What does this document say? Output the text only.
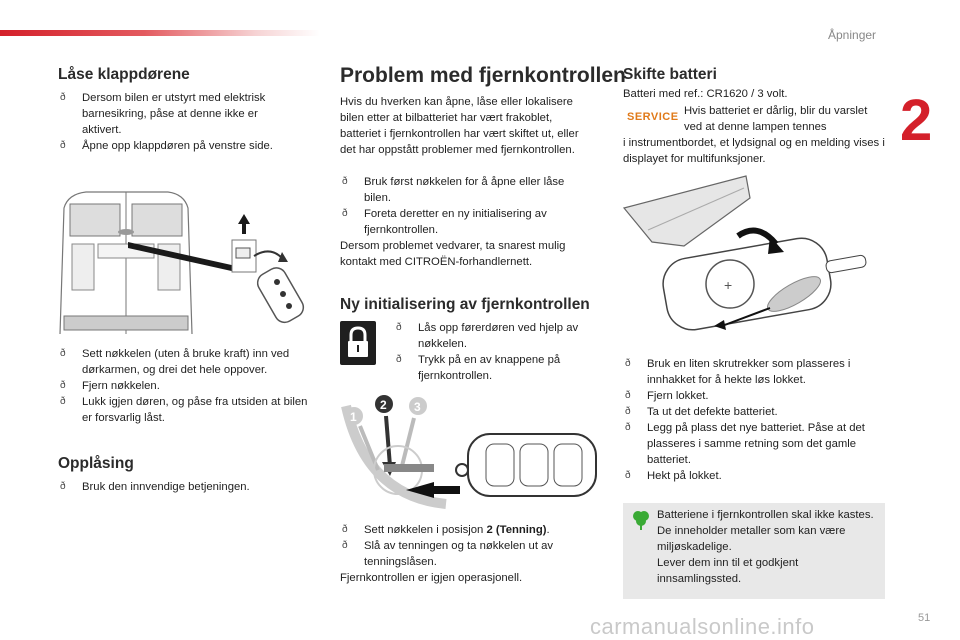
Åpninger
2
Låse klappdørene
ð Dersom bilen er utstyrt med elektrisk barnesikring, påse at denne ikke er aktivert.
ð Åpne opp klappdøren på venstre side.
ð Sett nøkkelen (uten å bruke kraft) inn ved dørkarmen, og drei det hele oppover.
ð Fjern nøkkelen.
ð Lukk igjen døren, og påse fra utsiden at bilen er forsvarlig låst.
Opplåsing
ð Bruk den innvendige betjeningen.
Problem med fjernkontrollen
Hvis du hverken kan åpne, låse eller lokalisere bilen etter at bilbatteriet har vært frakoblet, batteriet i fjernkontrollen har vært skiftet ut, eller det har oppstått problemer med fjernkontrollen.
ð Bruk først nøkkelen for å åpne eller låse bilen.
ð Foreta deretter en ny initialisering av fjernkontrollen.
Dersom problemet vedvarer, ta snarest mulig kontakt med CITROËN-forhandlernett.
Ny initialisering av fjernkontrollen
ð Lås opp førerdøren ved hjelp av nøkkelen.
ð Trykk på en av knappene på fjernkontrollen.
1
2 3
ð Sett nøkkelen i posisjon 2 (Tenning).
ð Slå av tenningen og ta nøkkelen ut av tenningslåsen.
Fjernkontrollen er igjen operasjonell.
Skifte batteri
Batteri med ref.: CR1620 / 3 volt.
SERVICE Hvis batteriet er dårlig, blir du varslet ved at denne lampen tennes
i instrumentbordet, et lydsignal og en melding vises i displayet for multifunksjoner.
+
ð Bruk en liten skrutrekker som plasseres i innhakket for å hekte løs lokket.
ð Fjern lokket.
ð Ta ut det defekte batteriet.
ð Legg på plass det nye batteriet. Påse at det plasseres i samme retning som det gamle batteriet.
ð Hekt på lokket.
Batteriene i fjernkontrollen skal ikke kastes. De inneholder metaller som kan være miljøskadelige.
Lever dem inn til et godkjent innsamlingssted.
carmanualsonline.info	51
